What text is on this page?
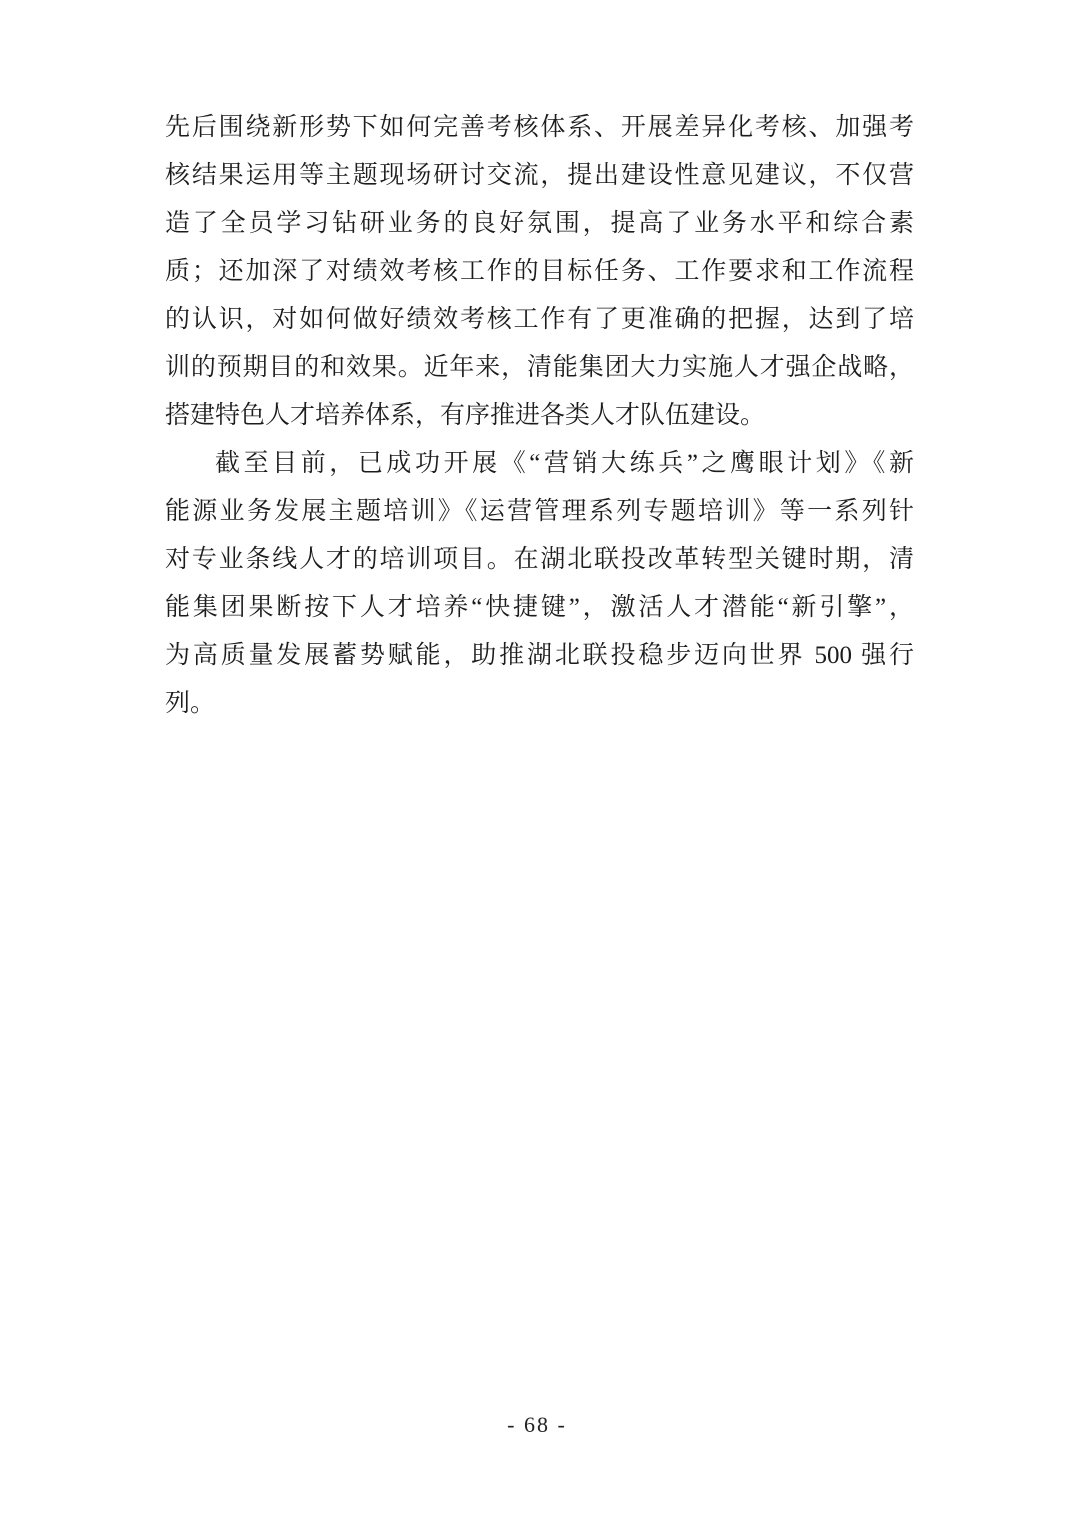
先后围绕新形势下如何完善考核体系、开展差异化考核、加强考
核结果运用等主题现场研讨交流，提出建设性意见建议，不仅营
造了全员学习钻研业务的良好氛围，提高了业务水平和综合素
质；还加深了对绩效考核工作的目标任务、工作要求和工作流程
的认识，对如何做好绩效考核工作有了更准确的把握，达到了培
训的预期目的和效果。近年来，清能集团大力实施人才强企战略，
搭建特色人才培养体系，有序推进各类人才队伍建设。
截至目前，已成功开展《“营销大练兵”之鹰眼计划》《新
能源业务发展主题培训》《运营管理系列专题培训》等一系列针
对专业条线人才的培训项目。在湖北联投改革转型关键时期，清
能集团果断按下人才培养“快捷键”，激活人才潜能“新引擎”，
为高质量发展蓄势赋能，助推湖北联投稳步迈向世界 500 强行
列。
- 68 -
